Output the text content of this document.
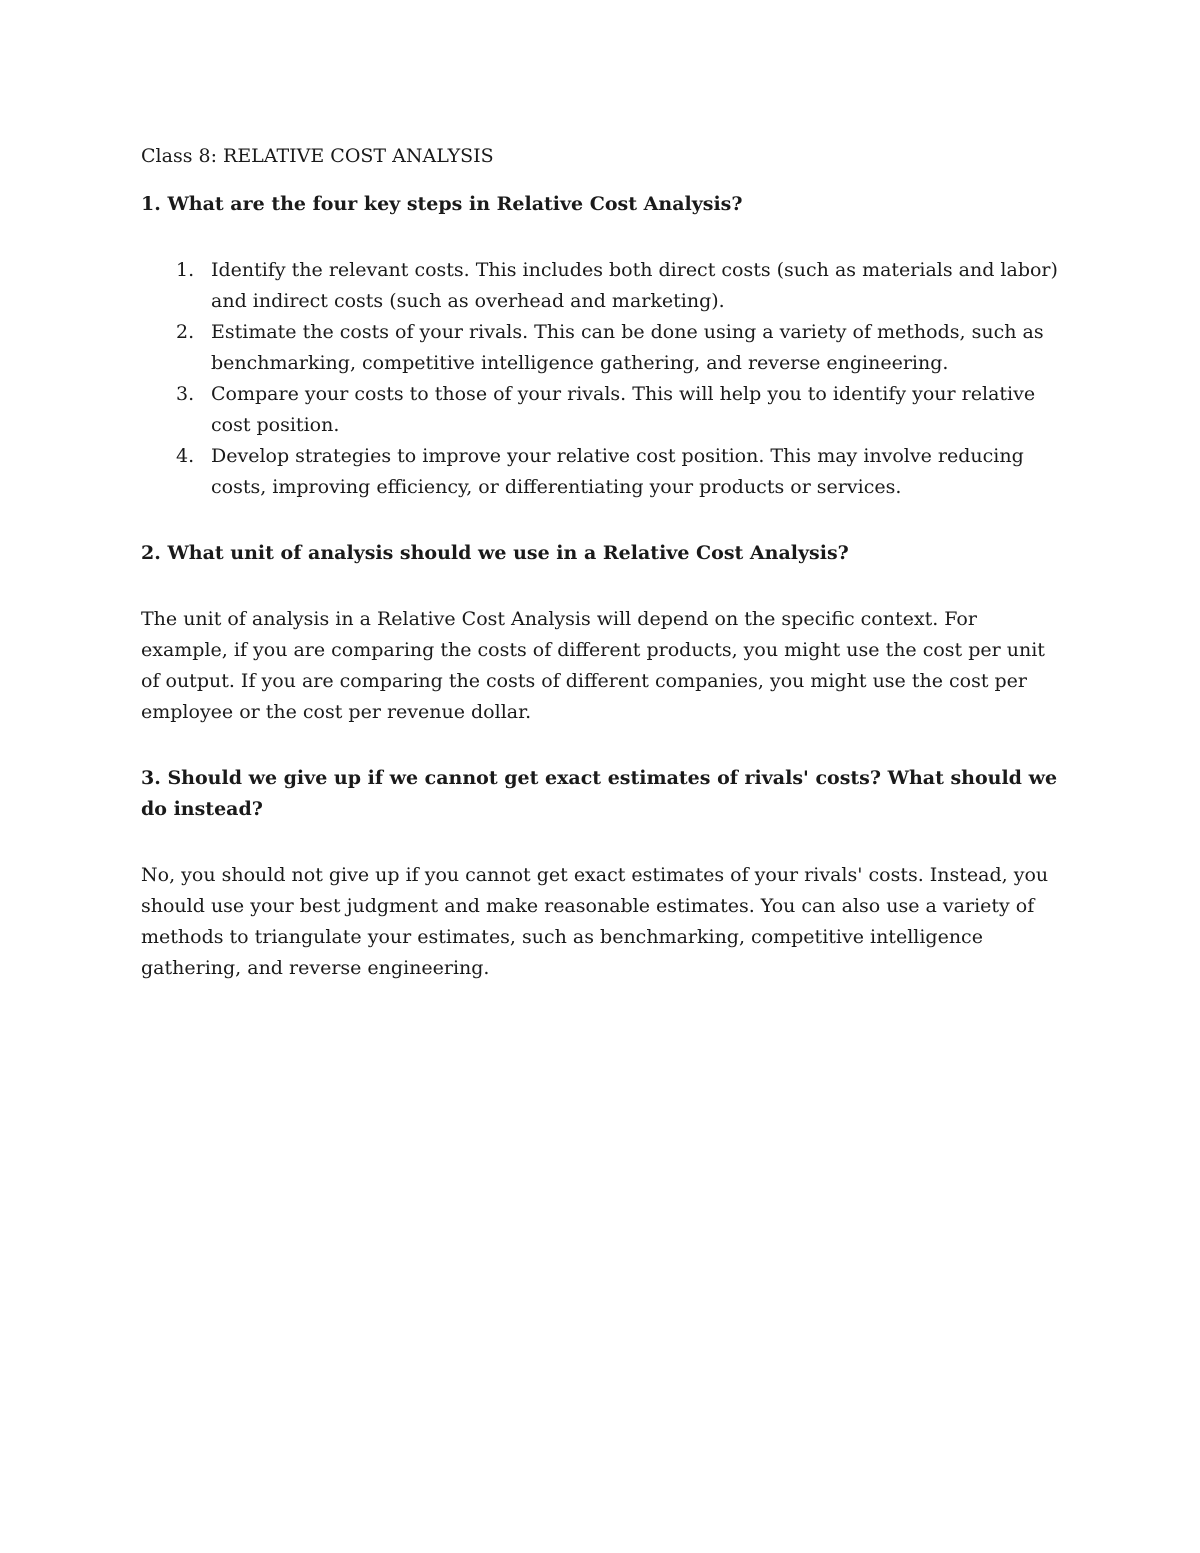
Class 8: RELATIVE COST ANALYSIS

1. What are the four key steps in Relative Cost Analysis?

1. Identify the relevant costs. This includes both direct costs (such as materials and labor) and indirect costs (such as overhead and marketing).
2. Estimate the costs of your rivals. This can be done using a variety of methods, such as benchmarking, competitive intelligence gathering, and reverse engineering.
3. Compare your costs to those of your rivals. This will help you to identify your relative cost position.
4. Develop strategies to improve your relative cost position. This may involve reducing costs, improving efficiency, or differentiating your products or services.

2. What unit of analysis should we use in a Relative Cost Analysis?

The unit of analysis in a Relative Cost Analysis will depend on the specific context. For example, if you are comparing the costs of different products, you might use the cost per unit of output. If you are comparing the costs of different companies, you might use the cost per employee or the cost per revenue dollar.

3. Should we give up if we cannot get exact estimates of rivals' costs? What should we do instead?

No, you should not give up if you cannot get exact estimates of your rivals' costs. Instead, you should use your best judgment and make reasonable estimates. You can also use a variety of methods to triangulate your estimates, such as benchmarking, competitive intelligence gathering, and reverse engineering.
